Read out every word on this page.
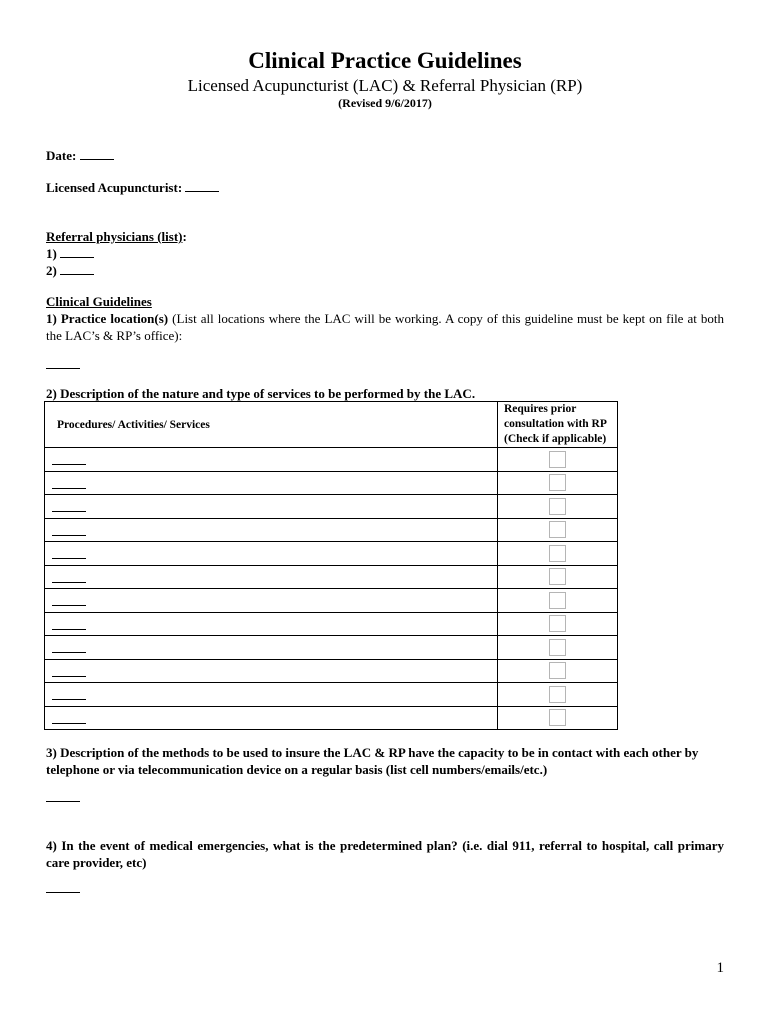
Clinical Practice Guidelines
Licensed Acupuncturist (LAC) & Referral Physician (RP)
(Revised 9/6/2017)
Date:
Licensed Acupuncturist:
Referral physicians (list):
1)
2)
Clinical Guidelines
1) Practice location(s) (List all locations where the LAC will be working. A copy of this guideline must be kept on file at both the LAC’s & RP’s office):
2) Description of the nature and type of services to be performed by the LAC.
Procedures/ Activities/ Services	Requires prior
consultation with RP
(Check if applicable)

3) Description of the methods to be used to insure the LAC & RP have the capacity to be in contact with each other by telephone or via telecommunication device on a regular basis (list cell numbers/emails/etc.)
4) In the event of medical emergencies, what is the predetermined plan? (i.e. dial 911, referral to hospital, call primary care provider, etc)
1
